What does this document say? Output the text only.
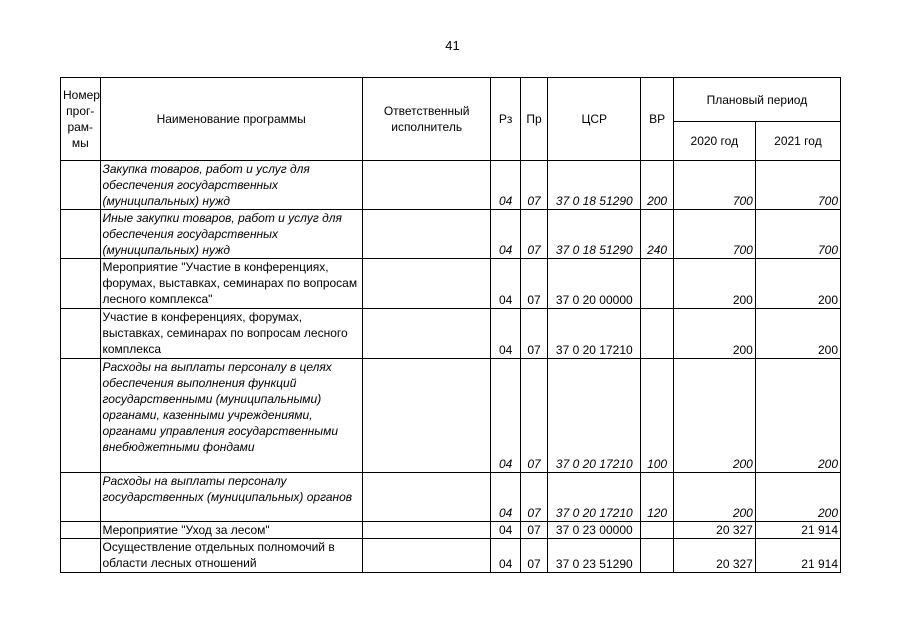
41
Номер
прог-
рам-
мы	Наименование программы	Ответственный исполнитель	Рз	Пр	ЦСР	ВР	Плановый период	
							2020 год	2021 год
	Закупка товаров, работ и услуг для обеспечения государственных (муниципальных) нужд		04	07	37 0 18 51290	200	700	700
	Иные закупки товаров, работ и услуг для обеспечения государственных (муниципальных) нужд		04	07	37 0 18 51290	240	700	700
	Мероприятие "Участие в конференциях, форумах, выставках, семинарах по вопросам лесного комплекса"		04	07	37 0 20 00000		200	200
	Участие в конференциях, форумах, выставках, семинарах по вопросам лесного комплекса		04	07	37 0 20 17210		200	200
	Расходы на выплаты персоналу в целях обеспечения выполнения функций государственными (муниципальными) органами, казенными учреждениями, органами управления государственными внебюджетными фондами		04	07	37 0 20 17210	100	200	200
	Расходы на выплаты персоналу государственных (муниципальных) органов		04	07	37 0 20 17210	120	200	200
	Мероприятие "Уход за лесом"		04	07	37 0 23 00000		20 327	21 914
	Осуществление отдельных полномочий в области лесных отношений		04	07	37 0 23 51290		20 327	21 914
